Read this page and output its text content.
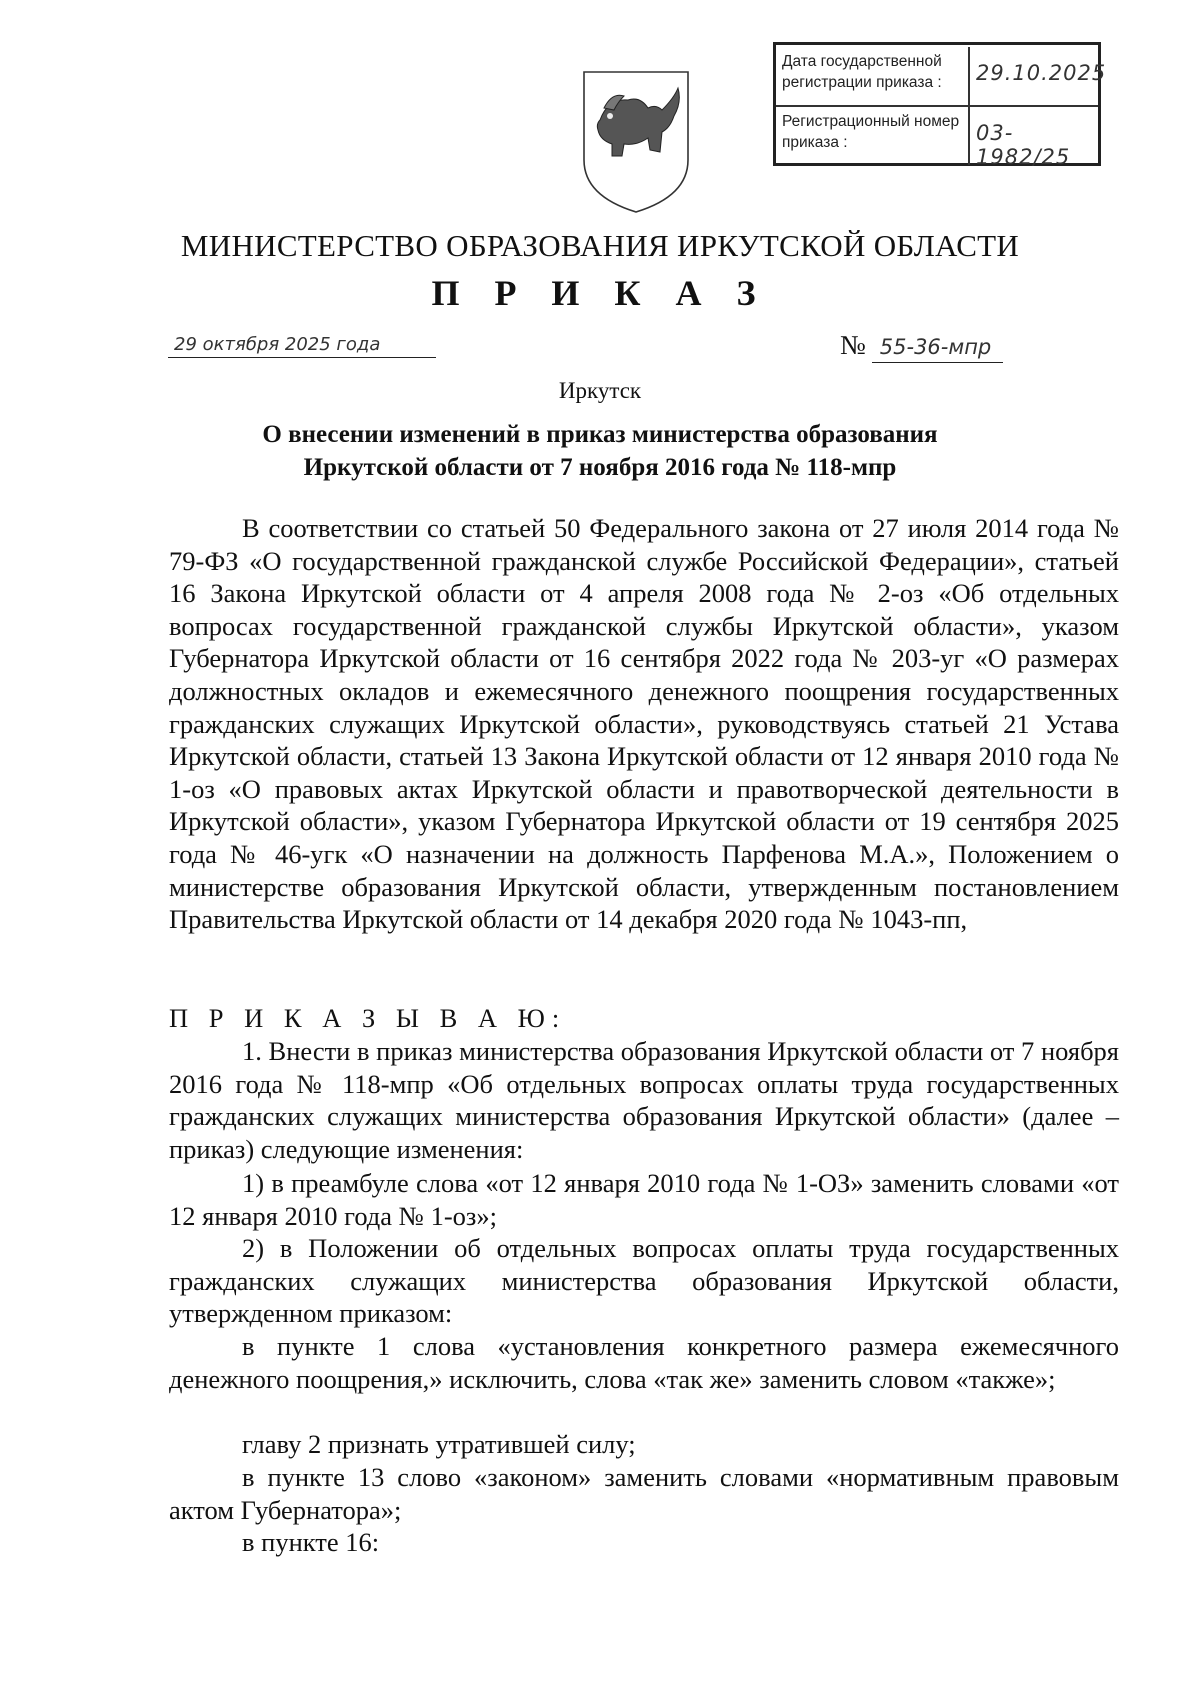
Дата государственной регистрации приказа :	29.10.2025
Регистрационный номер приказа :	03-1982/25
МИНИСТЕРСТВО ОБРАЗОВАНИЯ ИРКУТСКОЙ ОБЛАСТИ
П Р И К А З
29 октября 2025 года	№ 55-36-мпр
Иркутск
О внесении изменений в приказ министерства образования
Иркутской области от 7 ноября 2016 года № 118-мпр
В соответствии со статьей 50 Федерального закона от 27 июля 2014 года № 79-ФЗ «О государственной гражданской службе Российской Федерации», статьей 16 Закона Иркутской области от 4 апреля 2008 года № 2-оз «Об отдельных вопросах государственной гражданской службы Иркутской области», указом Губернатора Иркутской области от 16 сентября 2022 года № 203-уг «О размерах должностных окладов и ежемесячного денежного поощрения государственных гражданских служащих Иркутской области», руководствуясь статьей 21 Устава Иркутской области, статьей 13 Закона Иркутской области от 12 января 2010 года № 1-оз «О правовых актах Иркутской области и правотворческой деятельности в Иркутской области», указом Губернатора Иркутской области от 19 сентября 2025 года № 46-угк «О назначении на должность Парфенова М.А.», Положением о министерстве образования Иркутской области, утвержденным постановлением Правительства Иркутской области от 14 декабря 2020 года № 1043-пп,
П Р И К А З Ы В А Ю:
1. Внести в приказ министерства образования Иркутской области от 7 ноября 2016 года № 118-мпр «Об отдельных вопросах оплаты труда государственных гражданских служащих министерства образования Иркутской области» (далее – приказ) следующие изменения:
1) в преамбуле слова «от 12 января 2010 года № 1-ОЗ» заменить словами «от 12 января 2010 года № 1-оз»;
2) в Положении об отдельных вопросах оплаты труда государственных гражданских служащих министерства образования Иркутской области, утвержденном приказом:
в пункте 1 слова «установления конкретного размера ежемесячного денежного поощрения,» исключить, слова «так же» заменить словом «также»;
главу 2 признать утратившей силу;
в пункте 13 слово «законом» заменить словами «нормативным правовым актом Губернатора»;
в пункте 16:
